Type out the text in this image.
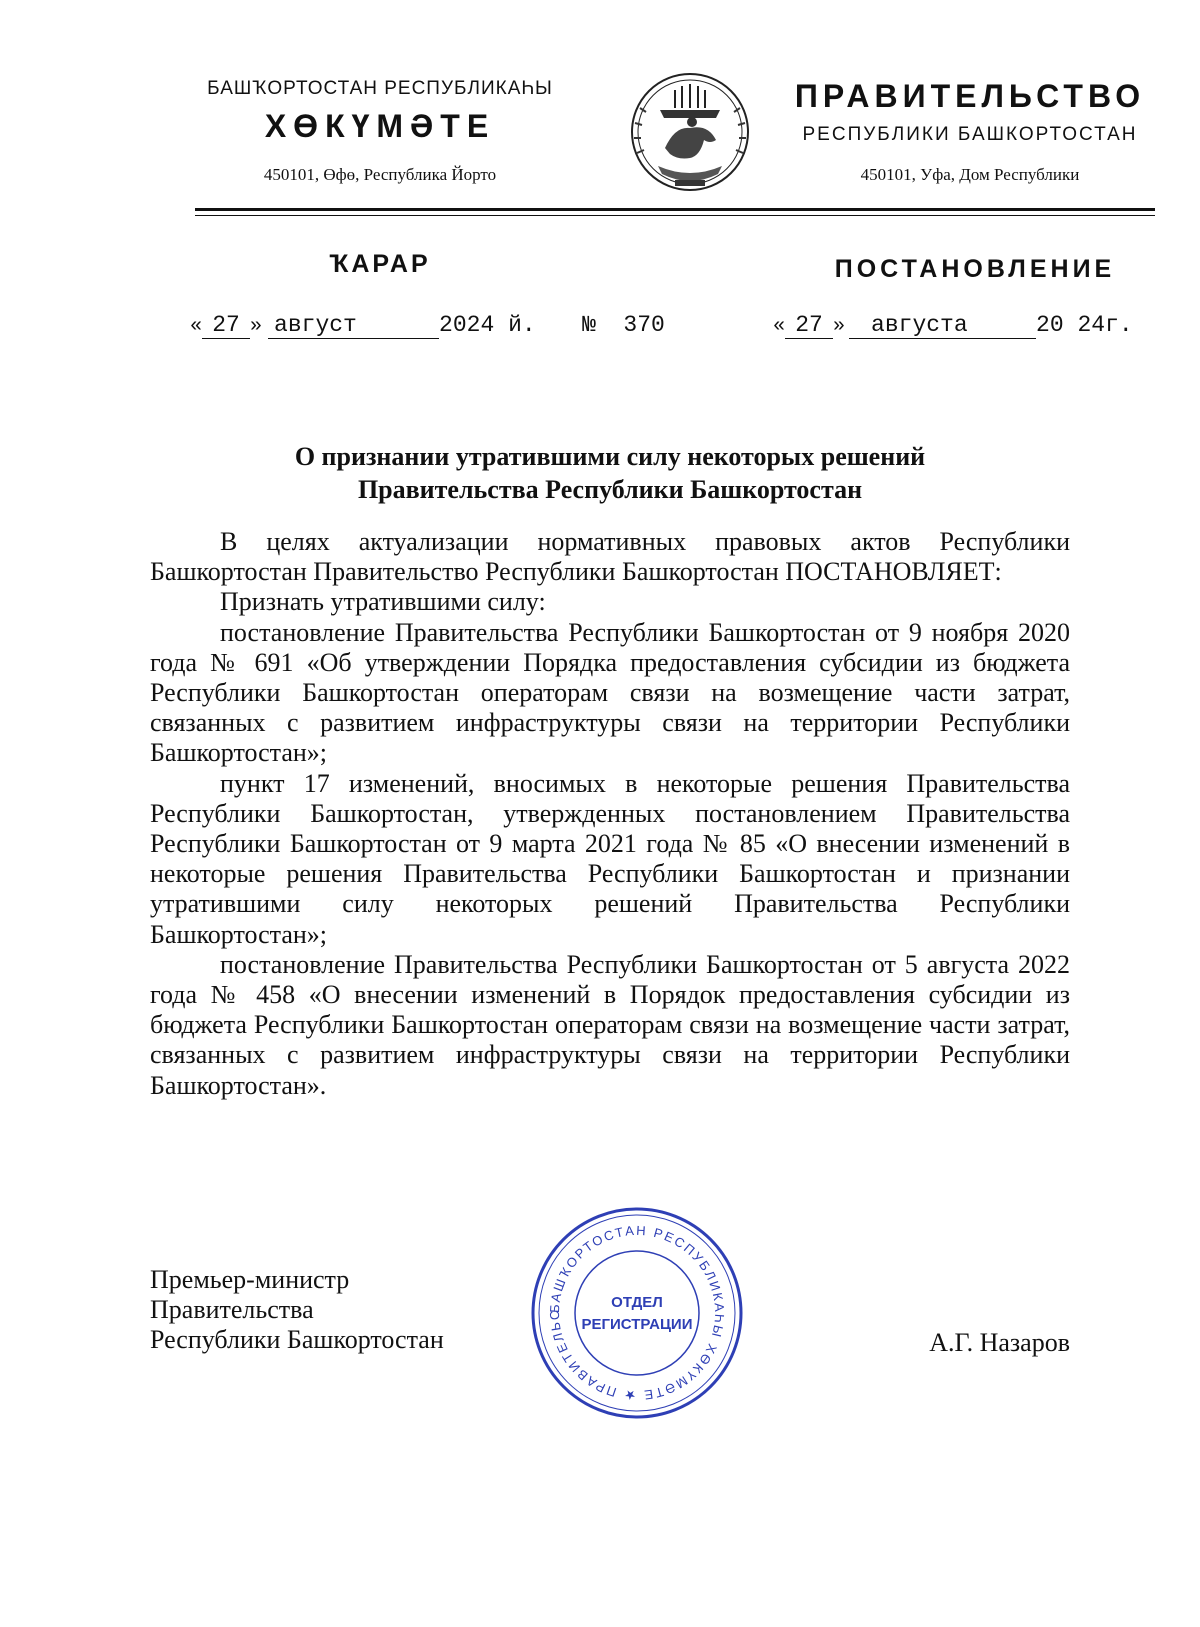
БАШҠОРТОСТАН РЕСПУБЛИКАҺЫ
ХӨКҮМӘТЕ
450101, Өфө, Республика Йорто
ПРАВИТЕЛЬСТВО
РЕСПУБЛИКИ БАШКОРТОСТАН
450101, Уфа, Дом Республики
ҠАРАР	ПОСТАНОВЛЕНИЕ
« 27 » август	2024 й. № 370	« 27 » августа	20 24г.
О признании утратившими силу некоторых решений
Правительства Республики Башкортостан

В целях актуализации нормативных правовых актов Республики Башкортостан Правительство Республики Башкортостан ПОСТАНОВЛЯЕТ:

Признать утратившими силу:

постановление Правительства Республики Башкортостан от 9 ноября 2020 года № 691 «Об утверждении Порядка предоставления субсидии из бюджета Республики Башкортостан операторам связи на возмещение части затрат, связанных с развитием инфраструктуры связи на территории Республики Башкортостан»;

пункт 17 изменений, вносимых в некоторые решения Правительства Республики Башкортостан, утвержденных постановлением Правительства Республики Башкортостан от 9 марта 2021 года № 85 «О внесении изменений в некоторые решения Правительства Республики Башкортостан и признании утратившими силу некоторых решений Правительства Республики Башкортостан»;

постановление Правительства Республики Башкортостан от 5 августа 2022 года № 458 «О внесении изменений в Порядок предоставления субсидии из бюджета Республики Башкортостан операторам связи на возмещение части затрат, связанных с развитием инфраструктуры связи на территории Республики Башкортостан».

Премьер-министр
Правительства
Республики Башкортостан	А.Г. Назаров
БАШҠОРТОСТАН РЕСПУБЛИКАҺЫ ХӨКҮМӘТЕ ★ ПРАВИТЕЛЬС
ОТДЕЛ
РЕГИСТРАЦИИ
